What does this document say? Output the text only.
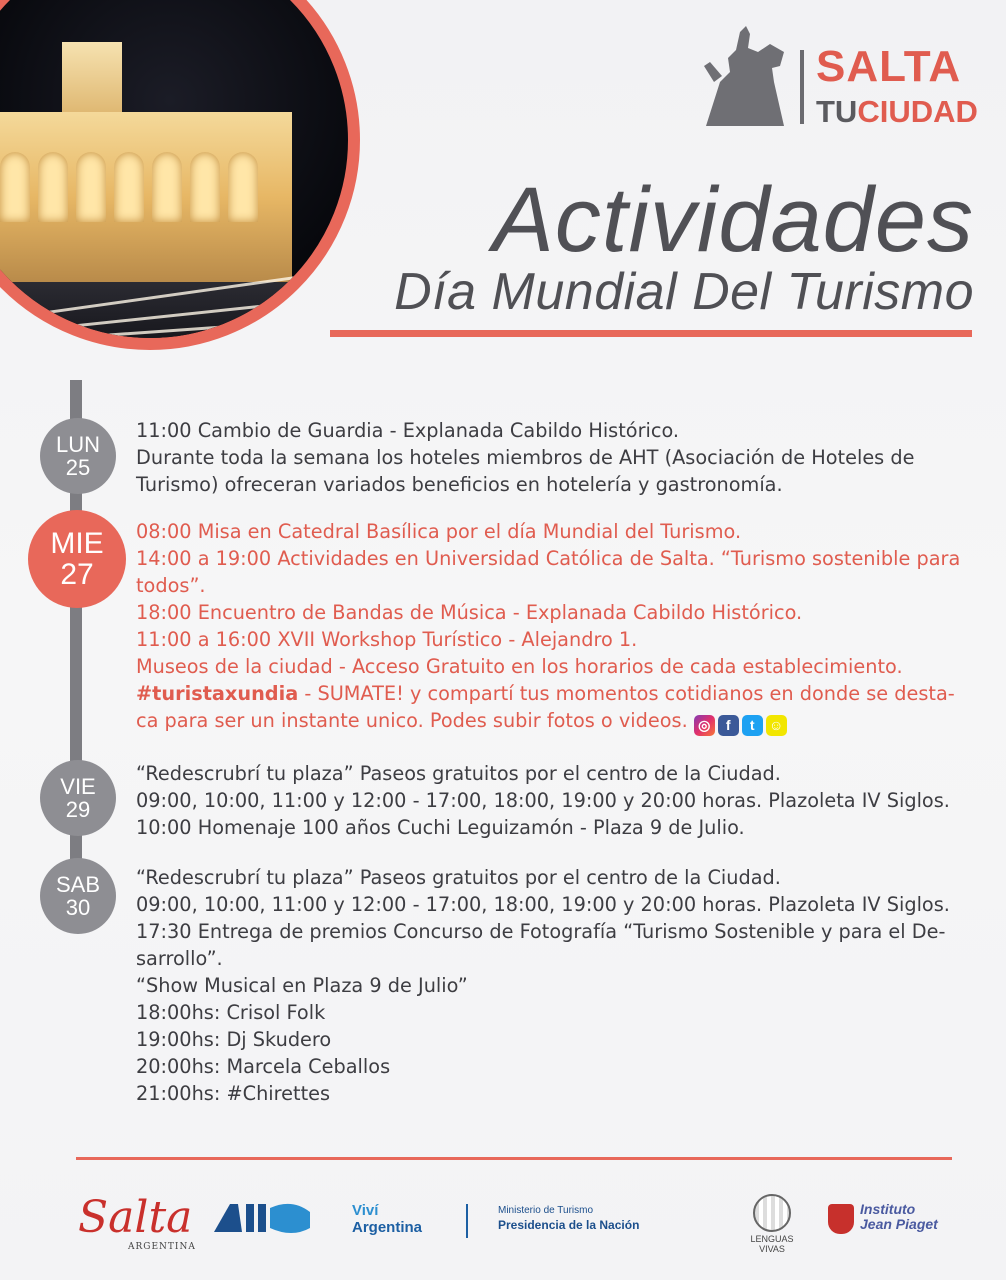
SALTA
TUCIUDAD
Actividades
Día Mundial Del Turismo
LUN
25

11:00 Cambio de Guardia - Explanada Cabildo Histórico.

Durante toda la semana los hoteles miembros de AHT (Asociación de Hoteles de

Turismo) ofreceran variados beneficios en hotelería y gastronomía.

MIE
27

08:00 Misa en Catedral Basílica por el día Mundial del Turismo.

14:00 a 19:00 Actividades en Universidad Católica de Salta. “Turismo sostenible para

todos”.

18:00 Encuentro de Bandas de Música - Explanada Cabildo Histórico.

11:00 a 16:00 XVII Workshop Turístico - Alejandro 1.

Museos de la ciudad - Acceso Gratuito en los horarios de cada establecimiento.

#turistaxundia - SUMATE! y compartí tus momentos cotidianos en donde se desta-

ca para ser un instante unico. Podes subir fotos o videos. ◎	f	t	☺

VIE
29

“Redescrubrí tu plaza” Paseos gratuitos por el centro de la Ciudad.

09:00, 10:00, 11:00 y 12:00 - 17:00, 18:00, 19:00 y 20:00 horas. Plazoleta IV Siglos.

10:00 Homenaje 100 años Cuchi Leguizamón - Plaza 9 de Julio.

SAB
30

“Redescrubrí tu plaza” Paseos gratuitos por el centro de la Ciudad.

09:00, 10:00, 11:00 y 12:00 - 17:00, 18:00, 19:00 y 20:00 horas. Plazoleta IV Siglos.

17:30 Entrega de premios Concurso de Fotografía “Turismo Sostenible y para el De-

sarrollo”.

“Show Musical en Plaza 9 de Julio”

18:00hs: Crisol Folk

19:00hs: Dj Skudero

20:00hs: Marcela Ceballos

21:00hs: #Chirettes

Salta
ARGENTINA
Viví
Argentina
Ministerio de Turismo
Presidencia de la Nación
LENGUAS VIVAS
Instituto
Jean Piaget
